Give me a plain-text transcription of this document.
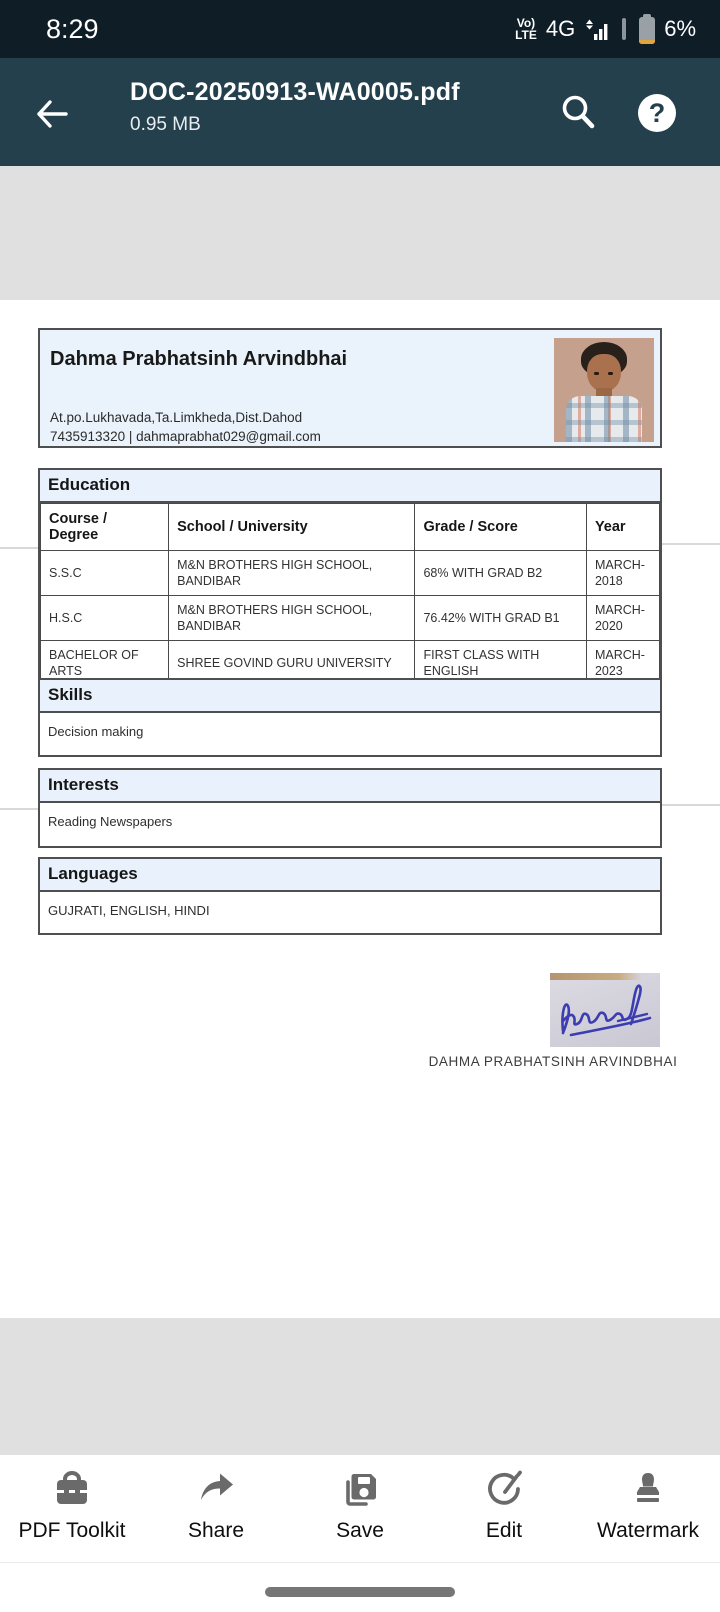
8:29	Vo)
LTE 4G	6%
DOC-20250913-WA0005.pdf
0.95 MB	?
Dahma Prabhatsinh Arvindbhai
At.po.Lukhavada,Ta.Limkheda,Dist.Dahod
7435913320 | dahmaprabhat029@gmail.com
Education
Course / Degree	School / University	Grade / Score	Year
S.S.C	M&N BROTHERS HIGH SCHOOL, BANDIBAR	68% WITH GRAD B2	MARCH-2018
H.S.C	M&N BROTHERS HIGH SCHOOL, BANDIBAR	76.42% WITH GRAD B1	MARCH-2020
BACHELOR OF ARTS	SHREE GOVIND GURU UNIVERSITY	FIRST CLASS WITH ENGLISH	MARCH-2023
Skills
Decision making
Interests
Reading Newspapers
Languages
GUJRATI, ENGLISH, HINDI
DAHMA PRABHATSINH ARVINDBHAI
PDF Toolkit	Share	Save	Edit	Watermark
